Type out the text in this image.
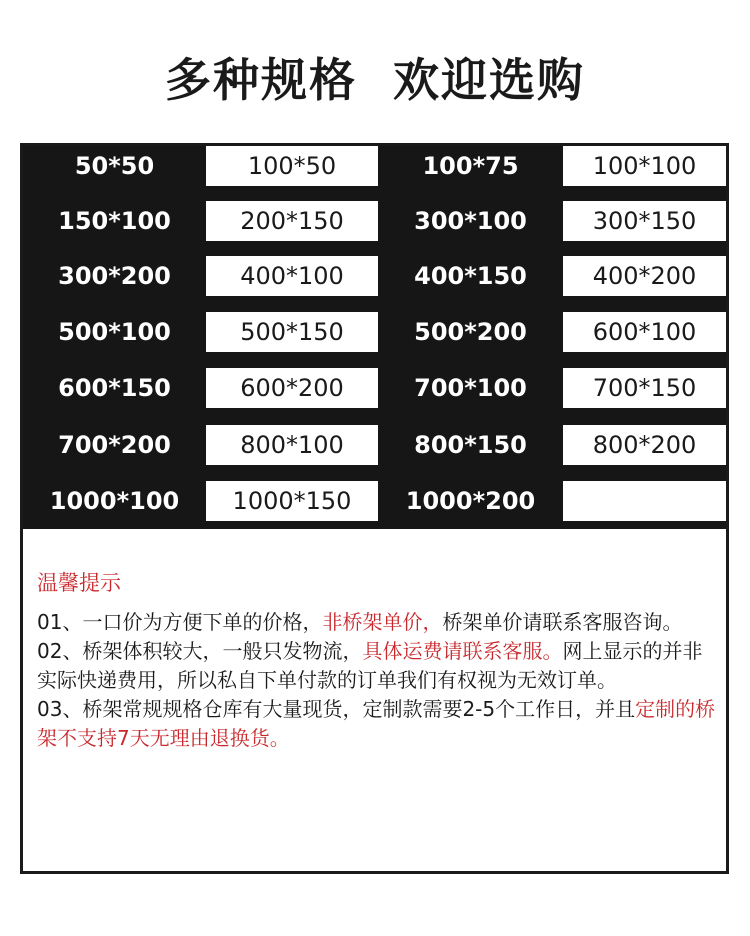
多种规格  欢迎选购
50*50	100*50	100*75	100*100
150*100	200*150	300*100	300*150
300*200	400*100	400*150	400*200
500*100	500*150	500*200	600*100
600*150	600*200	700*100	700*150
700*200	800*100	800*150	800*200
1000*100	1000*150	1000*200
温馨提示
01、一口价为方便下单的价格，非桥架单价，桥架单价请联系客服咨询。
02、桥架体积较大，一般只发物流，具体运费请联系客服。网上显示的并非实际快递费用，所以私自下单付款的订单我们有权视为无效订单。
03、桥架常规规格仓库有大量现货，定制款需要2-5个工作日，并且定制的桥架不支持7天无理由退换货。
